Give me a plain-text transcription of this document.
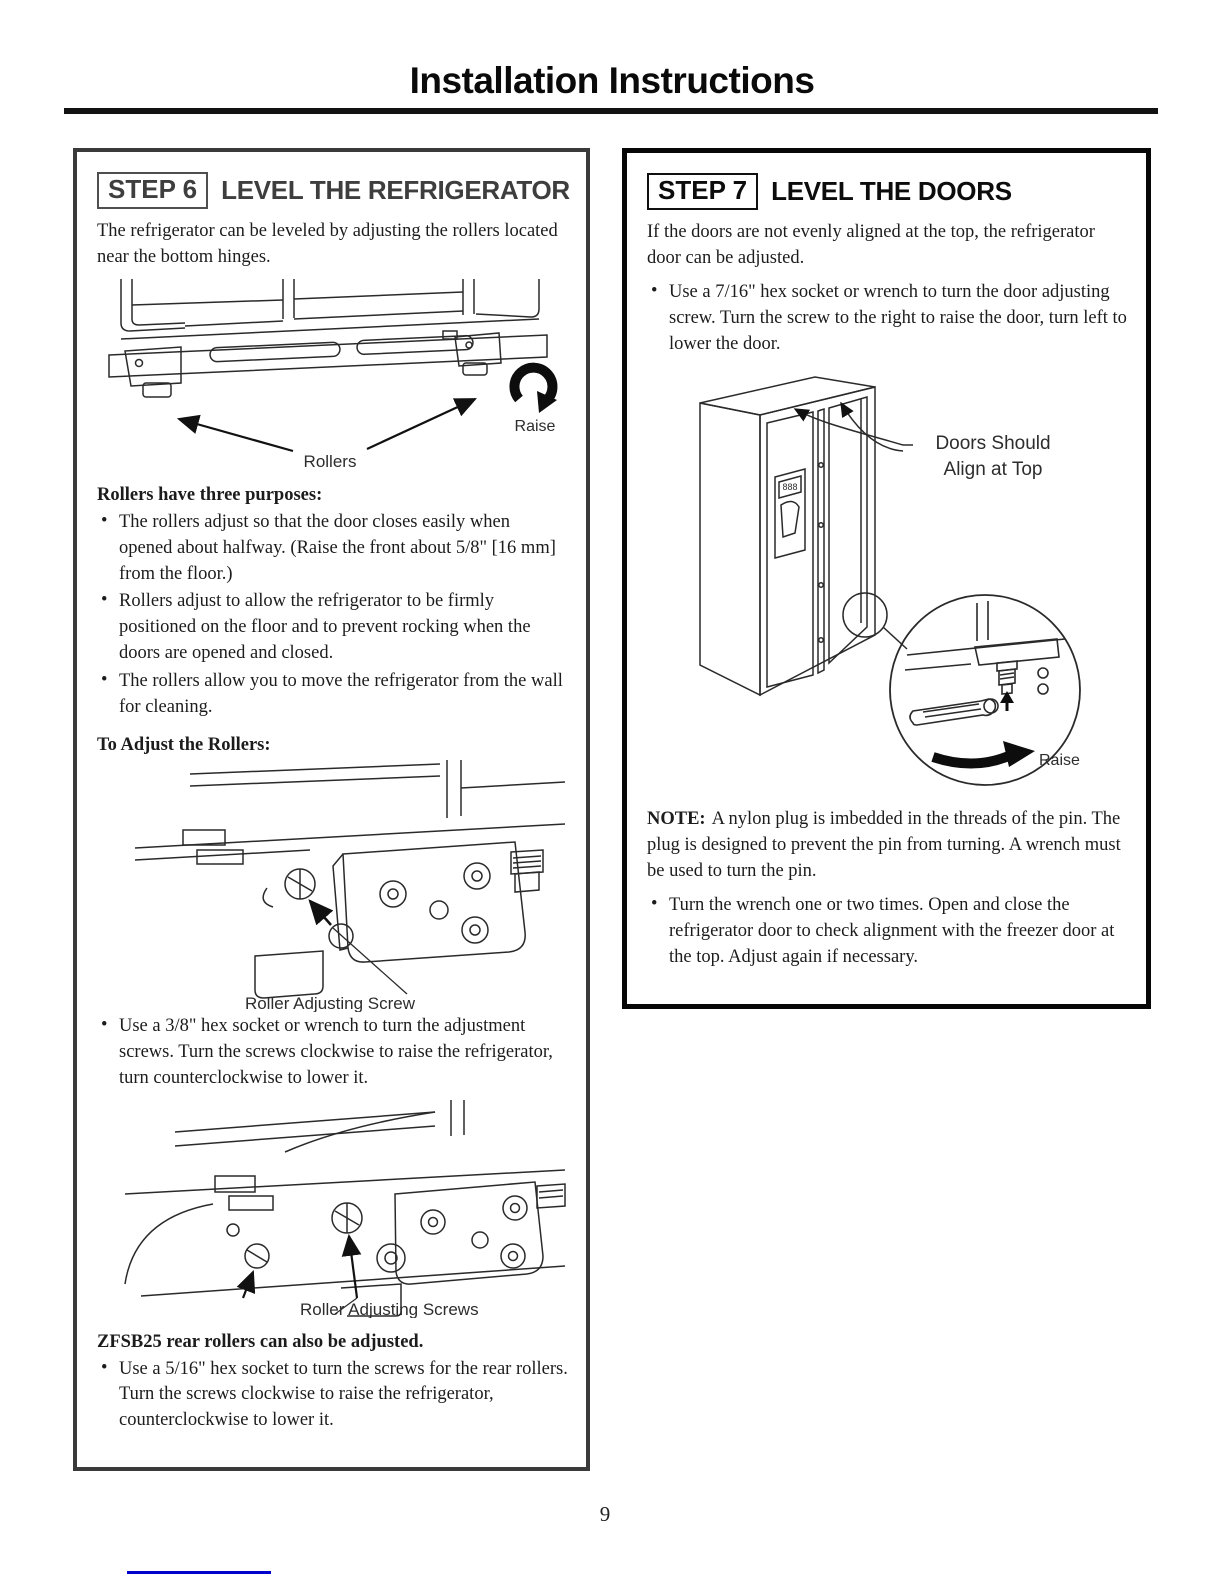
Installation Instructions
STEP 6 LEVEL THE REFRIGERATOR

The refrigerator can be leveled by adjusting the rollers located near the bottom hinges.

Rollers
Raise
Rollers have three purposes:
• The rollers adjust so that the door closes easily when opened about halfway. (Raise the front about 5/8" [16 mm] from the floor.)
• Rollers adjust to allow the refrigerator to be firmly positioned on the floor and to prevent rocking when the doors are opened and closed.
• The rollers allow you to move the refrigerator from the wall for cleaning.
To Adjust the Rollers:
Roller Adjusting Screw
• Use a 3/8" hex socket or wrench to turn the adjustment screws. Turn the screws clockwise to raise the refrigerator, turn counterclockwise to lower it.
Roller Adjusting Screws
ZFSB25 rear rollers can also be adjusted.
• Use a 5/16" hex socket to turn the screws for the rear rollers. Turn the screws clockwise to raise the refrigerator, counterclockwise to lower it.
STEP 7 LEVEL THE DOORS

If the doors are not evenly aligned at the top, the refrigerator door can be adjusted.

• Use a 7/16" hex socket or wrench to turn the door adjusting screw. Turn the screw to the right to raise the door, turn left to lower the door.
Doors Should
Align at Top
888
Raise

NOTE: A nylon plug is imbedded in the threads of the pin. The plug is designed to prevent the pin from turning. A wrench must be used to turn the pin.

• Turn the wrench one or two times. Open and close the refrigerator door to check alignment with the freezer door at the top. Adjust again if necessary.
9
